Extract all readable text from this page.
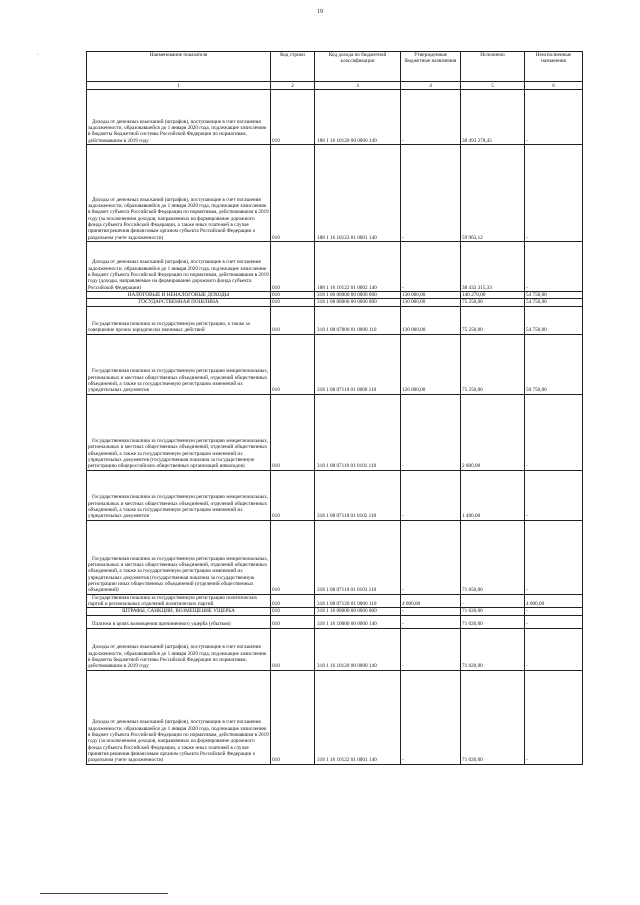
19
·	Наименование показателя	Код строки	Код дохода по бюджетной классификации	Утвержденные бюджетные назначения	Исполнено	Неисполненные назначения
1	2	3	4	5	6
Доходы от денежных взысканий (штрафов), поступающие в счет погашения задолженности, образовавшейся до 1 января 2020 года, подлежащие зачислению в бюджеты бюджетной системы Российской Федерации по нормативам, действовавшим в 2019 году	010	188 1 16 10120 00 0000 140	-	38 493 278,45	-
Доходы от денежных взысканий (штрафов), поступающие в счет погашения задолженности, образовавшейся до 1 января 2020 года, подлежащие зачислению в бюджет субъекта Российской Федерации по нормативам, действовавшим в 2019 году (за исключением доходов, направляемых на формирование дорожного фонда субъекта Российской Федерации, а также иных платежей в случае принятия решения финансовым органом субъекта Российской Федерации о раздельном учете задолженности)	010	188 1 16 10122 01 0001 140	-	59 963,12	-
Доходы от денежных взысканий (штрафов), поступающие в счет погашения задолженности, образовавшейся до 1 января 2020 года, подлежащие зачислению в бюджет субъекта Российской Федерации по нормативам, действовавшим в 2019 году (доходы, направляемые на формирование дорожного фонда субъекта Российской Федерации)	010	188 1 16 10122 01 0002 140	-	38 433 315,33	-
НАЛОГОВЫЕ И НЕНАЛОГОВЫЕ ДОХОДЫ	010	318 1 00 00000 00 0000 000	130 000,00	146 270,00	54 750,00
ГОСУДАРСТВЕННАЯ ПОШЛИНА	010	318 1 08 00000 00 0000 000	130 000,00	75 250,00	54 750,00
Государственная пошлина за государственную регистрацию, а также за совершение прочих юридически значимых действий	010	318 1 08 07000 01 0000 110	130 000,00	75 250,00	54 750,00
Государственная пошлина за государственную регистрацию межрегиональных, региональных и местных общественных объединений, отделений общественных объединений, а также за государственную регистрацию изменений их учредительных документов	010	318 1 08 07110 01 0000 110	126 000,00	75 250,00	50 750,00
Государственная пошлина за государственную регистрацию межрегиональных, региональных и местных общественных объединений, отделений общественных объединений, а также за государственную регистрацию изменений их учредительных документов (государственная пошлина за государственную регистрацию общероссийских общественных организаций инвалидов)	010	318 1 08 07110 01 0101 110	-	2 800,00	-
Государственная пошлина за государственную регистрацию межрегиональных, региональных и местных общественных объединений, отделений общественных объединений, а также за государственную регистрацию изменений их учредительных документов	010	318 1 08 07110 01 0102 110	-	1 400,00	-
Государственная пошлина за государственную регистрацию межрегиональных, региональных и местных общественных объединений, отделений общественных объединений, а также за государственную регистрацию изменений их учредительных документов (государственная пошлина за государственную регистрацию иных общественных объединений (отделений общественных объединений)	010	318 1 08 07110 01 0103 110	-	71 050,00	-
Государственная пошлина за государственную регистрацию политических партий и региональных отделений политических партий	010	318 1 08 07120 01 0000 110	4 000,00	-	4 000,00
ШТРАФЫ, САНКЦИИ, ВОЗМЕЩЕНИЕ УЩЕРБА	010	318 1 16 00000 00 0000 000	-	71 020,00	-
Платежи в целях возмещения причиненного ущерба (убытков)	010	318 1 16 10000 00 0000 140	-	71 020,00	-
Доходы от денежных взысканий (штрафов), поступающие в счет погашения задолженности, образовавшейся до 1 января 2020 года, подлежащие зачислению в бюджеты бюджетной системы Российской Федерации по нормативам, действовавшим в 2019 году	010	318 1 16 10120 00 0000 140	-	71 020,00	-
Доходы от денежных взысканий (штрафов), поступающие в счет погашения задолженности, образовавшейся до 1 января 2020 года, подлежащие зачислению в бюджет субъекта Российской Федерации по нормативам, действовавшим в 2019 году (за исключением доходов, направляемых на формирование дорожного фонда субъекта Российской Федерации, а также иных платежей в случае принятия решения финансовым органом субъекта Российской Федерации о раздельном учете задолженности)	010	318 1 16 10122 01 0001 140	-	71 020,00	-
